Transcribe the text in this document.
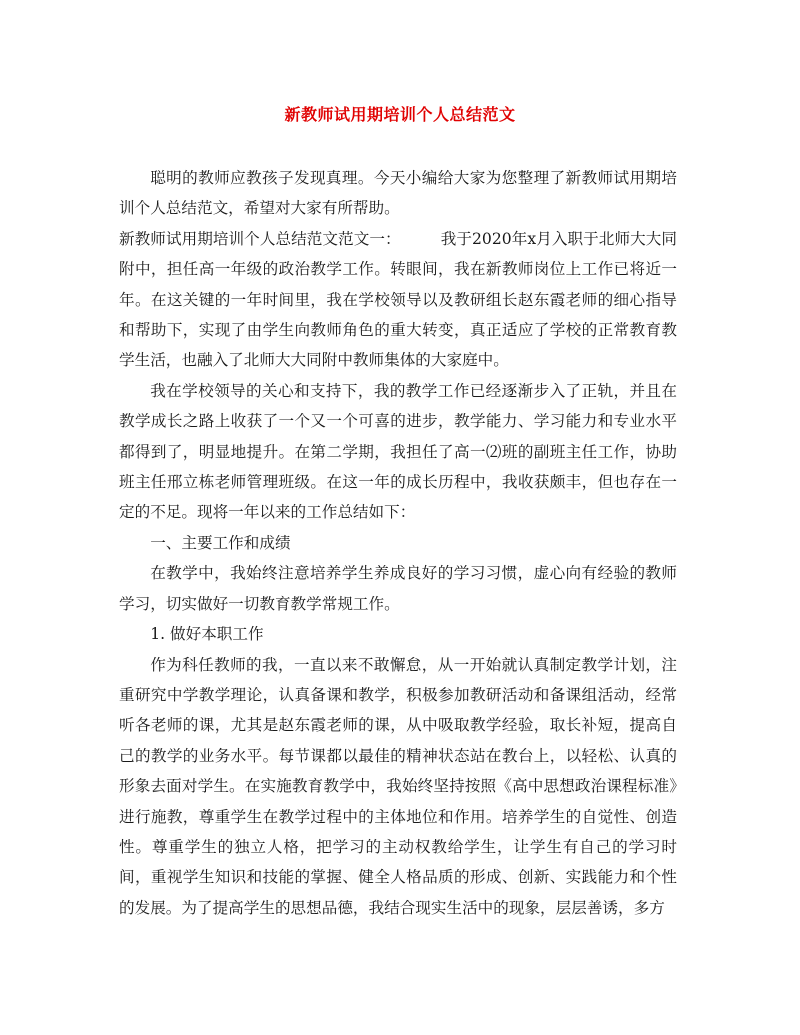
新教师试用期培训个人总结范文

聪明的教师应教孩子发现真理。今天小编给大家为您整理了新教师试用期培训个人总结范文，希望对大家有所帮助。

新教师试用期培训个人总结范文范文一：	我于2020年x月入职于北师大大同附中，担任高一年级的政治教学工作。转眼间，我在新教师岗位上工作已将近一年。在这关键的一年时间里，我在学校领导以及教研组长赵东霞老师的细心指导和帮助下，实现了由学生向教师角色的重大转变，真正适应了学校的正常教育教学生活，也融入了北师大大同附中教师集体的大家庭中。

我在学校领导的关心和支持下，我的教学工作已经逐渐步入了正轨，并且在教学成长之路上收获了一个又一个可喜的进步，教学能力、学习能力和专业水平都得到了，明显地提升。在第二学期，我担任了高一⑵班的副班主任工作，协助班主任邢立栋老师管理班级。在这一年的成长历程中，我收获颇丰，但也存在一定的不足。现将一年以来的工作总结如下：

一、主要工作和成绩

在教学中，我始终注意培养学生养成良好的学习习惯，虚心向有经验的教师学习，切实做好一切教育教学常规工作。

1. 做好本职工作

作为科任教师的我，一直以来不敢懈怠，从一开始就认真制定教学计划，注重研究中学教学理论，认真备课和教学，积极参加教研活动和备课组活动，经常听各老师的课，尤其是赵东霞老师的课，从中吸取教学经验，取长补短，提高自己的教学的业务水平。每节课都以最佳的精神状态站在教台上，以轻松、认真的形象去面对学生。在实施教育教学中，我始终坚持按照《高中思想政治课程标准》进行施教，尊重学生在教学过程中的主体地位和作用。培养学生的自觉性、创造性。尊重学生的独立人格，把学习的主动权教给学生，让学生有自己的学习时间，重视学生知识和技能的掌握、健全人格品质的形成、创新、实践能力和个性的发展。为了提高学生的思想品德，我结合现实生活中的现象，层层善诱，多方
